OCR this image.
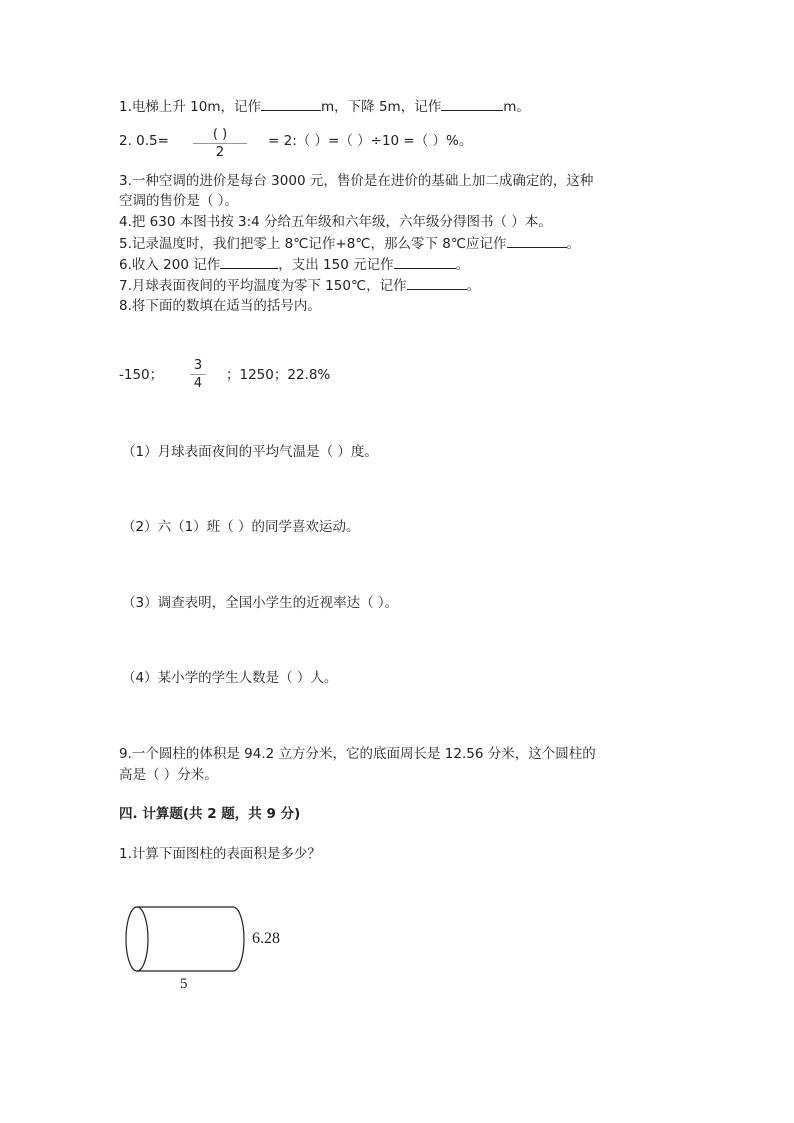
1.电梯上升 10m，记作	m，下降 5m，记作	m。
2. 0.5=	( )
2
= 2:（ ）=（ ）÷10 =（ ）%。
3.一种空调的进价是每台 3000 元，售价是在进价的基础上加二成确定的，这种
空调的售价是（ ）。
4.把 630 本图书按 3:4 分给五年级和六年级，六年级分得图书（ ）本。
5.记录温度时，我们把零上 8℃记作+8℃，那么零下 8℃应记作	。
6.收入 200 记作	，支出 150 元记作	。
7.月球表面夜间的平均温度为零下 150℃，记作	。
8.将下面的数填在适当的括号内。
-150；
3
4
；1250；22.8%
（1）月球表面夜间的平均气温是（ ）度。
（2）六（1）班（ ）的同学喜欢运动。
（3）调查表明，全国小学生的近视率达（ ）。
（4）某小学的学生人数是（ ）人。
9.一个圆柱的体积是 94.2 立方分米，它的底面周长是 12.56 分米，这个圆柱的
高是（ ）分米。
四. 计算题(共 2 题，共 9 分)
1.计算下面图柱的表面积是多少？
6.28
5
